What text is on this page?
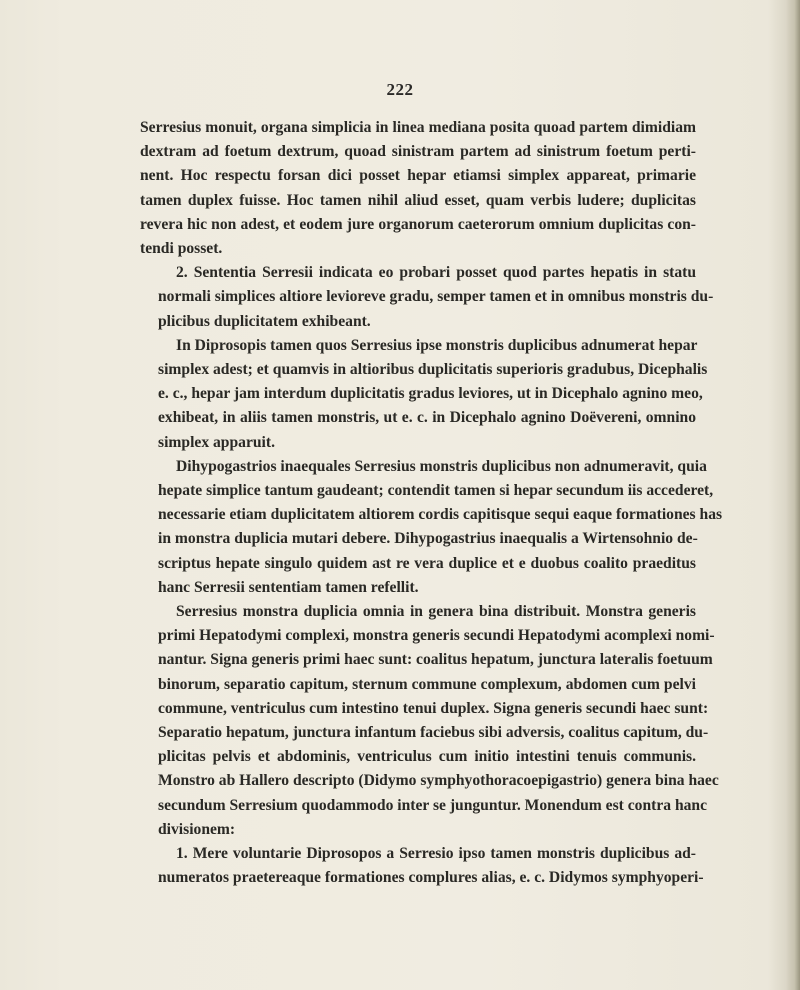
222
Serresius monuit, organa simplicia in linea mediana posita quoad partem dimidiam
dextram ad foetum dextrum, quoad sinistram partem ad sinistrum foetum perti-
nent. Hoc respectu forsan dici posset hepar etiamsi simplex appareat, primarie
tamen duplex fuisse. Hoc tamen nihil aliud esset, quam verbis ludere; duplicitas
revera hic non adest, et eodem jure organorum caeterorum omnium duplicitas con-
tendi posset.
2. Sententia Serresii indicata eo probari posset quod partes hepatis in statu
normali simplices altiore levioreve gradu, semper tamen et in omnibus monstris du-
plicibus duplicitatem exhibeant.
In Diprosopis tamen quos Serresius ipse monstris duplicibus adnumerat hepar
simplex adest; et quamvis in altioribus duplicitatis superioris gradubus, Dicephalis
e. c., hepar jam interdum duplicitatis gradus leviores, ut in Dicephalo agnino meo,
exhibeat, in aliis tamen monstris, ut e. c. in Dicephalo agnino Doëvereni, omnino
simplex apparuit.
Dihypogastrios inaequales Serresius monstris duplicibus non adnumeravit, quia
hepate simplice tantum gaudeant; contendit tamen si hepar secundum iis accederet,
necessarie etiam duplicitatem altiorem cordis capitisque sequi eaque formationes has
in monstra duplicia mutari debere. Dihypogastrius inaequalis a Wirtensohnio de-
scriptus hepate singulo quidem ast re vera duplice et e duobus coalito praeditus
hanc Serresii sententiam tamen refellit.
Serresius monstra duplicia omnia in genera bina distribuit. Monstra generis
primi Hepatodymi complexi, monstra generis secundi Hepatodymi acomplexi nomi-
nantur. Signa generis primi haec sunt: coalitus hepatum, junctura lateralis foetuum
binorum, separatio capitum, sternum commune complexum, abdomen cum pelvi
commune, ventriculus cum intestino tenui duplex. Signa generis secundi haec sunt:
Separatio hepatum, junctura infantum faciebus sibi adversis, coalitus capitum, du-
plicitas pelvis et abdominis, ventriculus cum initio intestini tenuis communis.
Monstro ab Hallero descripto (Didymo symphyothoracoepigastrio) genera bina haec
secundum Serresium quodammodo inter se junguntur. Monendum est contra hanc
divisionem:
1. Mere voluntarie Diprosopos a Serresio ipso tamen monstris duplicibus ad-
numeratos praetereaque formationes complures alias, e. c. Didymos symphyoperi-
